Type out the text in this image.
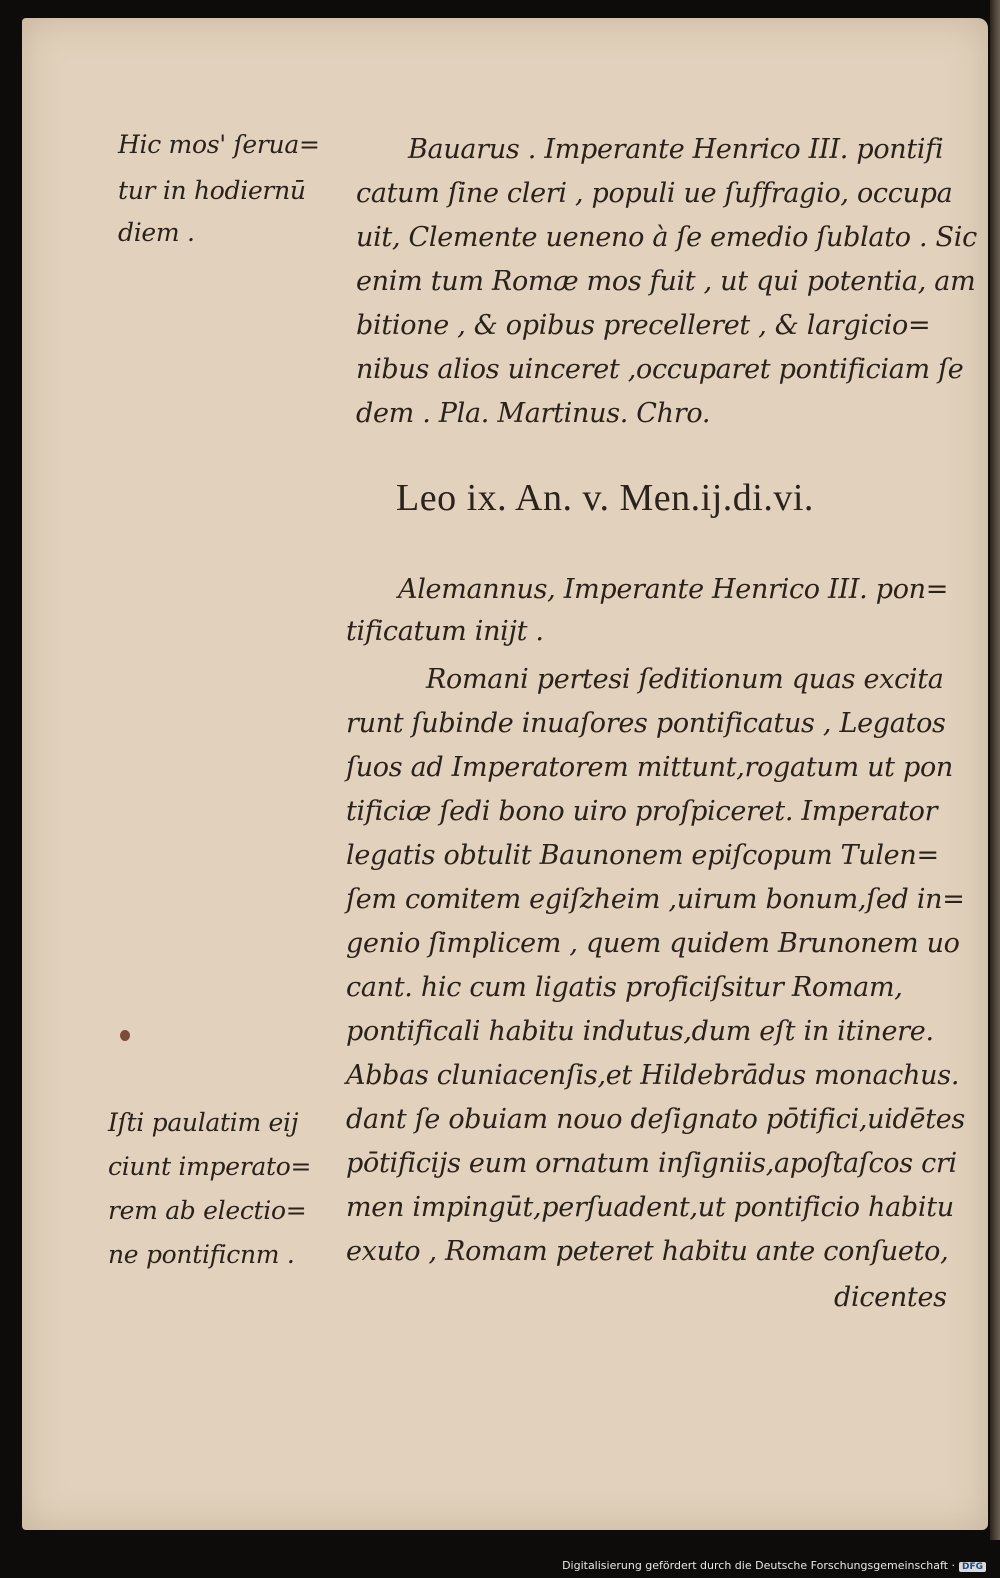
Hic mos' ſerua=
tur in hodiernū
diem .
Bauarus . Imperante Henrico III. pontifi
catum ſine cleri , populi ue ſuffragio, occupa
uit, Clemente ueneno à ſe emedio ſublato . Sic
enim tum Romæ mos fuit , ut qui potentia, am
bitione , & opibus precelleret , & largicio=
nibus alios uinceret ,occuparet pontificiam ſe
dem . Pla. Martinus. Chro.
Leo ix. An. v. Men.ij.di.vi.
Alemannus, Imperante Henrico III. pon=
tificatum inijt .
Romani pertesi ſeditionum quas excita
runt ſubinde inuaſores pontificatus , Legatos
ſuos ad Imperatorem mittunt,rogatum ut pon
tificiæ ſedi bono uiro proſpiceret. Imperator
legatis obtulit Baunonem epiſcopum Tulen=
ſem comitem egiſzheim ,uirum bonum,ſed in=
genio ſimplicem , quem quidem Brunonem uo
cant. hic cum ligatis proficiſsitur Romam,
pontificali habitu indutus,dum eſt in itinere.
Abbas cluniacenſis,et Hildebrādus monachus.
dant ſe obuiam nouo deſignato pōtifici,uidētes
pōtificijs eum ornatum inſigniis,apoſtaſcos cri
men impingūt,perſuadent,ut pontificio habitu
exuto , Romam peteret habitu ante conſueto,
dicentes
Iſti paulatim eij
ciunt imperato=
rem ab electio=
ne pontificnm .
Digitalisierung gefördert durch die Deutsche Forschungsgemeinschaft · DFG
